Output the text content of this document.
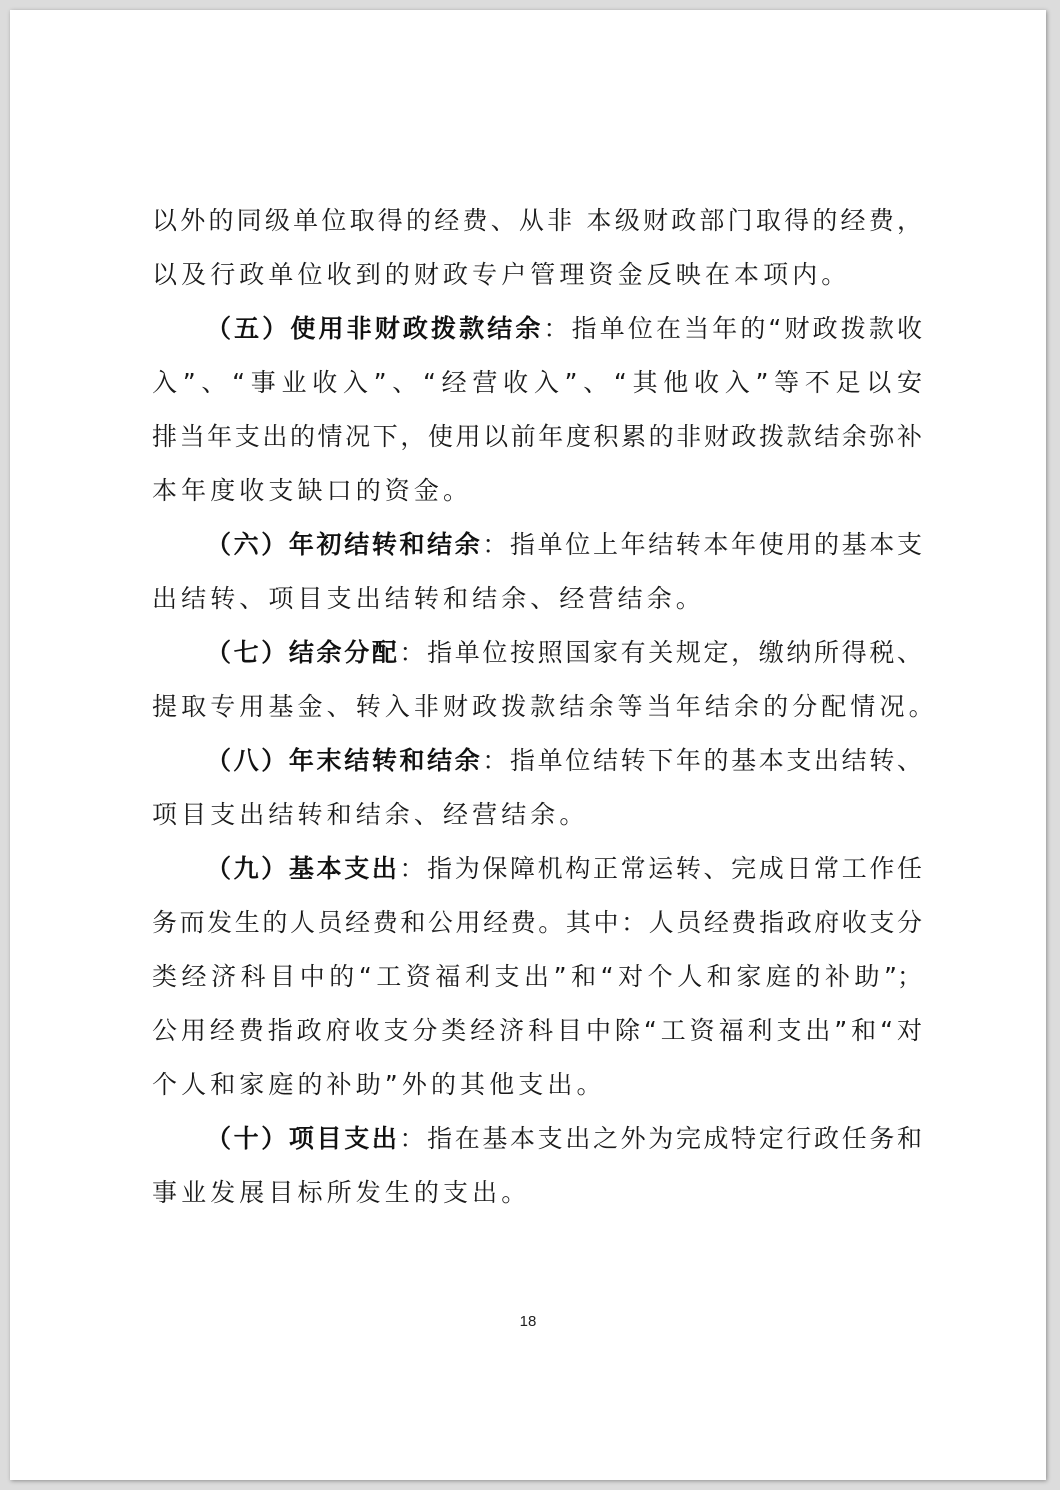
以外的同级单位取得的经费、从非 本级财政部门取得的经费，
以及行政单位收到的财政专户管理资金反映在本项内。
（五）使用非财政拨款结余：指单位在当年的“财政拨款收
入”、“事业收入”、“经营收入”、“其他收入”等不足以安
排当年支出的情况下，使用以前年度积累的非财政拨款结余弥补
本年度收支缺口的资金。
（六）年初结转和结余：指单位上年结转本年使用的基本支
出结转、项目支出结转和结余、经营结余。
（七）结余分配：指单位按照国家有关规定，缴纳所得税、
提取专用基金、转入非财政拨款结余等当年结余的分配情况。
（八）年末结转和结余：指单位结转下年的基本支出结转、
项目支出结转和结余、经营结余。
（九）基本支出：指为保障机构正常运转、完成日常工作任
务而发生的人员经费和公用经费。其中：人员经费指政府收支分
类经济科目中的“工资福利支出”和“对个人和家庭的补助”；
公用经费指政府收支分类经济科目中除“工资福利支出”和“对
个人和家庭的补助”外的其他支出。
（十）项目支出：指在基本支出之外为完成特定行政任务和
事业发展目标所发生的支出。
18
